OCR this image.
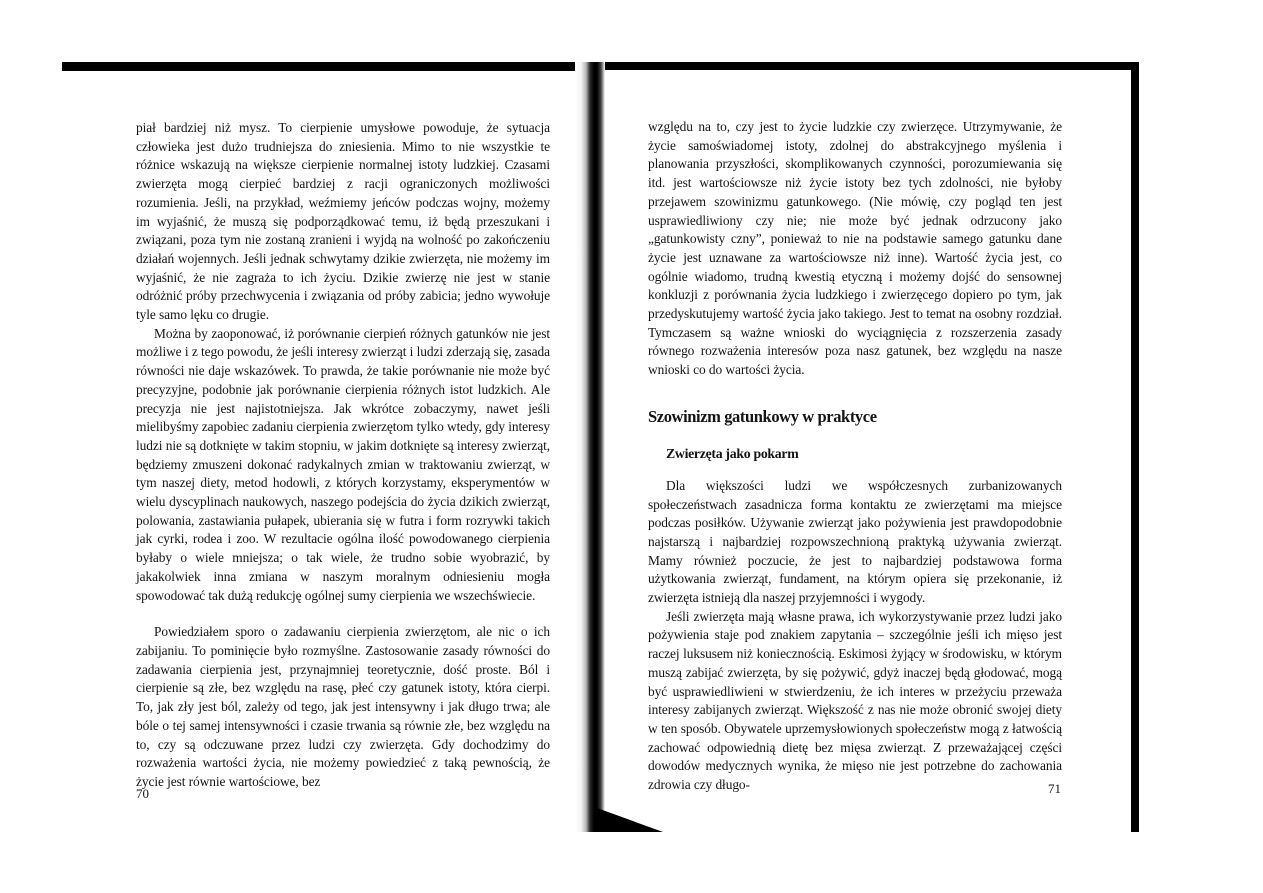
piał bardziej niż mysz. To cierpienie umysłowe powoduje, że sytuacja człowieka jest dużo trudniejsza do zniesienia. Mimo to nie wszystkie te różnice wskazują na większe cierpienie normalnej istoty ludzkiej. Czasami zwierzęta mogą cierpieć bardziej z racji ograniczonych możliwości rozumienia. Jeśli, na przykład, weźmiemy jeńców podczas wojny, możemy im wyjaśnić, że muszą się podporządkować temu, iż będą przeszukani i związani, poza tym nie zostaną zranieni i wyjdą na wolność po zakończeniu działań wojennych. Jeśli jednak schwytamy dzikie zwierzęta, nie możemy im wyjaśnić, że nie zagraża to ich życiu. Dzikie zwierzę nie jest w stanie odróżnić próby przechwycenia i związania od próby zabicia; jedno wywołuje tyle samo lęku co drugie.

Można by zaoponować, iż porównanie cierpień różnych gatunków nie jest możliwe i z tego powodu, że jeśli interesy zwierząt i ludzi zderzają się, zasada równości nie daje wskazówek. To prawda, że takie porównanie nie może być precyzyjne, podobnie jak porównanie cierpienia różnych istot ludzkich. Ale precyzja nie jest najistotniejsza. Jak wkrótce zobaczymy, nawet jeśli mielibyśmy zapobiec zadaniu cierpienia zwierzętom tylko wtedy, gdy interesy ludzi nie są dotknięte w takim stopniu, w jakim dotknięte są interesy zwierząt, będziemy zmuszeni dokonać radykalnych zmian w traktowaniu zwierząt, w tym naszej diety, metod hodowli, z których korzystamy, eksperymentów w wielu dyscyplinach naukowych, naszego podejścia do życia dzikich zwierząt, polowania, zastawiania pułapek, ubierania się w futra i form rozrywki takich jak cyrki, rodea i zoo. W rezultacie ogólna ilość powodowanego cierpienia byłaby o wiele mniejsza; o tak wiele, że trudno sobie wyobrazić, by jakakolwiek inna zmiana w naszym moralnym odniesieniu mogła spowodować tak dużą redukcję ogólnej sumy cierpienia we wszechświecie.

Powiedziałem sporo o zadawaniu cierpienia zwierzętom, ale nic o ich zabijaniu. To pominięcie było rozmyślne. Zastosowanie zasady równości do zadawania cierpienia jest, przynajmniej teoretycznie, dość proste. Ból i cierpienie są złe, bez względu na rasę, płeć czy gatunek istoty, która cierpi. To, jak zły jest ból, zależy od tego, jak jest intensywny i jak długo trwa; ale bóle o tej samej intensywności i czasie trwania są równie złe, bez względu na to, czy są odczuwane przez ludzi czy zwierzęta. Gdy dochodzimy do rozważenia wartości życia, nie możemy powiedzieć z taką pewnością, że życie jest równie wartościowe, bez

70

względu na to, czy jest to życie ludzkie czy zwierzęce. Utrzymywanie, że życie samoświadomej istoty, zdolnej do abstrakcyjnego myślenia i planowania przyszłości, skomplikowanych czynności, porozumiewania się itd. jest wartościowsze niż życie istoty bez tych zdolności, nie byłoby przejawem szowinizmu gatunkowego. (Nie mówię, czy pogląd ten jest usprawiedliwiony czy nie; nie może być jednak odrzucony jako „gatunkowisty czny”, ponieważ to nie na podstawie samego gatunku dane życie jest uznawane za wartościowsze niż inne). Wartość życia jest, co ogólnie wiadomo, trudną kwestią etyczną i możemy dojść do sensownej konkluzji z porównania życia ludzkiego i zwierzęcego dopiero po tym, jak przedyskutujemy wartość życia jako takiego. Jest to temat na osobny rozdział. Tymczasem są ważne wnioski do wyciągnięcia z rozszerzenia zasady równego rozważenia interesów poza nasz gatunek, bez względu na nasze wnioski co do wartości życia.

Szowinizm gatunkowy w praktyce
Zwierzęta jako pokarm

Dla większości ludzi we współczesnych zurbanizowanych społeczeństwach zasadnicza forma kontaktu ze zwierzętami ma miejsce podczas posiłków. Używanie zwierząt jako pożywienia jest prawdopodobnie najstarszą i najbardziej rozpowszechnioną praktyką używania zwierząt. Mamy również poczucie, że jest to najbardziej podstawowa forma użytkowania zwierząt, fundament, na którym opiera się przekonanie, iż zwierzęta istnieją dla naszej przyjemności i wygody.

Jeśli zwierzęta mają własne prawa, ich wykorzystywanie przez ludzi jako pożywienia staje pod znakiem zapytania – szczególnie jeśli ich mięso jest raczej luksusem niż koniecznością. Eskimosi żyjący w środowisku, w którym muszą zabijać zwierzęta, by się pożywić, gdyż inaczej będą głodować, mogą być usprawiedliwieni w stwierdzeniu, że ich interes w przeżyciu przeważa interesy zabijanych zwierząt. Większość z nas nie może obronić swojej diety w ten sposób. Obywatele uprzemysłowionych społeczeństw mogą z łatwością zachować odpowiednią dietę bez mięsa zwierząt. Z przeważającej części dowodów medycznych wynika, że mięso nie jest potrzebne do zachowania zdrowia czy długo-	71
